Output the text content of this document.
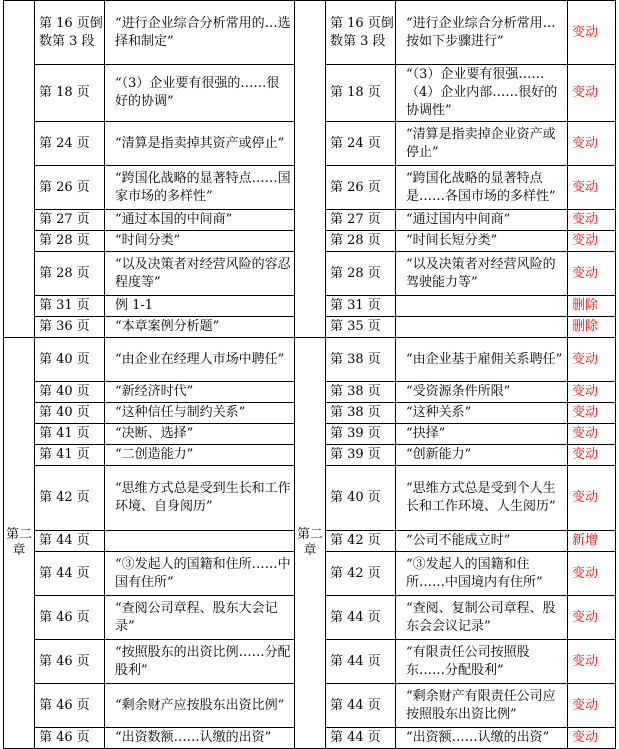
	第 16 页倒数第 3 段	“进行企业综合分析常用的…选择和制定”		第 16 页倒数第 3 段	“进行企业综合分析常用…按如下步骤进行”	变动
	第 18 页	“（3）企业要有很强的……很好的协调”		第 18 页	“（3）企业要有很强……（4）企业内部……很好的协调性”	变动
	第 24 页	“清算是指卖掉其资产或停止”		第 24 页	“清算是指卖掉企业资产或停止”	变动
	第 26 页	“跨国化战略的显著特点……国家市场的多样性”		第 26 页	“跨国化战略的显著特点是……各国市场的多样性”	变动
	第 27 页	“通过本国的中间商”		第 27 页	“通过国内中间商”	变动
	第 28 页	“时间分类”		第 28 页	“时间长短分类”	变动
	第 28 页	“以及决策者对经营风险的容忍程度等”		第 28 页	“以及决策者对经营风险的驾驶能力等”	变动
	第 31 页	例 1-1		第 31 页		删除
	第 36 页	“本章案例分析题”		第 35 页		删除
第二章	第 40 页	“由企业在经理人市场中聘任”	第二章	第 38 页	“由企业基于雇佣关系聘任”	变动
	第 40 页	“新经济时代”		第 38 页	“受资源条件所限”	变动
	第 40 页	“这种信任与制约关系”		第 38 页	“这种关系”	变动
	第 41 页	“决断、选择”		第 39 页	“抉择”	变动
	第 41 页	“二创造能力”		第 39 页	“创新能力”	变动
	第 42 页	“思维方式总是受到生长和工作环境、自身阅历”		第 40 页	“思维方式总是受到个人生长和工作环境、人生阅历”	变动
	第 44 页			第 42 页	“公司不能成立时”	新增
	第 44 页	“③发起人的国籍和住所……中国有住所”		第 42 页	“③发起人的国籍和住所……中国境内有住所”	变动
	第 46 页	“查阅公司章程、股东大会记录”		第 44 页	“查阅、复制公司章程、股东会会议记录”	变动
	第 46 页	“按照股东的出资比例……分配股利”		第 44 页	“有限责任公司按照股东……分配股利”	变动
	第 46 页	“剩余财产应按股东出资比例”		第 44 页	“剩余财产有限责任公司应按照股东出资比例”	变动
	第 46 页	“出资数额……认缴的出资”		第 44 页	“出资额……认缴的出资”	变动
